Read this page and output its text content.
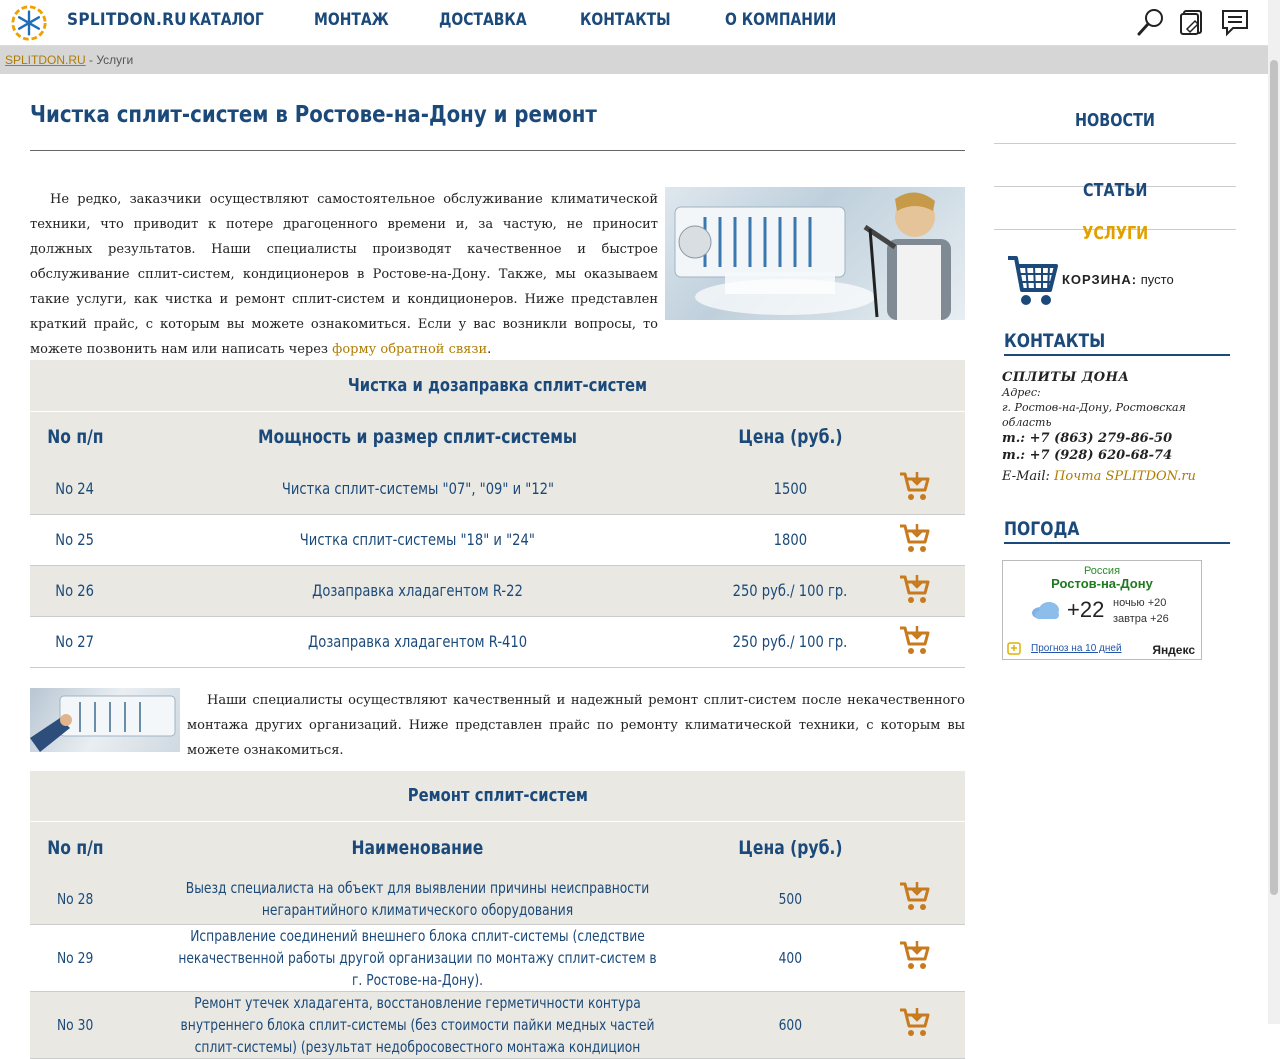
SPLITDON.RU КАТАЛОГ	МОНТАЖ	ДОСТАВКА	КОНТАКТЫ	О КОМПАНИИ
SPLITDON.RU - Услуги
Чистка сплит-систем в Ростове-на-Дону и ремонт

Не редко, заказчики осуществляют самостоятельное обслуживание климатической техники, что приводит к потере драгоценного времени и, за частую, не приносит должных результатов. Наши специалисты производят качественное и быстрое обслуживание сплит-систем, кондиционеров в Ростове-на-Дону. Также, мы оказываем такие услуги, как чистка и ремонт сплит-систем и кондиционеров. Ниже представлен краткий прайс, с которым вы можете ознакомиться. Если у вас возникли вопросы, то можете позвонить нам или написать через форму обратной связи.

Чистка и дозаправка сплит-систем			
No п/п	Мощность и размер сплит-системы	Цена (руб.)	
No 24	Чистка сплит-системы "07", "09" и "12"	1500	
No 25	Чистка сплит-системы "18" и "24"	1800	
No 26	Дозаправка хладагентом R-22	250 руб./ 100 гр.	
No 27	Дозаправка хладагентом R-410	250 руб./ 100 гр.	

Наши специалисты осуществляют качественный и надежный ремонт сплит-систем после некачественного монтажа других организаций. Ниже представлен прайс по ремонту климатической техники, с которым вы можете ознакомиться.

Ремонт сплит-систем			
No п/п	Наименование	Цена (руб.)	
No 28	Выезд специалиста на объект для выявлении причины неисправности негарантийного климатического оборудования	500	
No 29	Исправление соединений внешнего блока сплит-системы (следствие некачественной работы другой организации по монтажу сплит-систем в г. Ростове-на-Дону).	400	
No 30	Ремонт утечек хладагента, восстановление герметичности контура внутреннего блока сплит-системы (без стоимости пайки медных частей сплит-системы) (результат недобросовестного монтажа кондицион	600	
НОВОСТИ
СТАТЬИ
УСЛУГИ
КОРЗИНА: пусто
КОНТАКТЫ
СПЛИТЫ ДОНА
Адрес:
г. Ростов-на-Дону, Ростовская область
т.: +7 (863) 279-86-50
т.: +7 (928) 620-68-74
E-Mail: Почта SPLITDON.ru
ПОГОДА
Россия
Ростов-на-Дону
+22 ночью +20
завтра +26
Прогноз на 10 дней	Яндекс
